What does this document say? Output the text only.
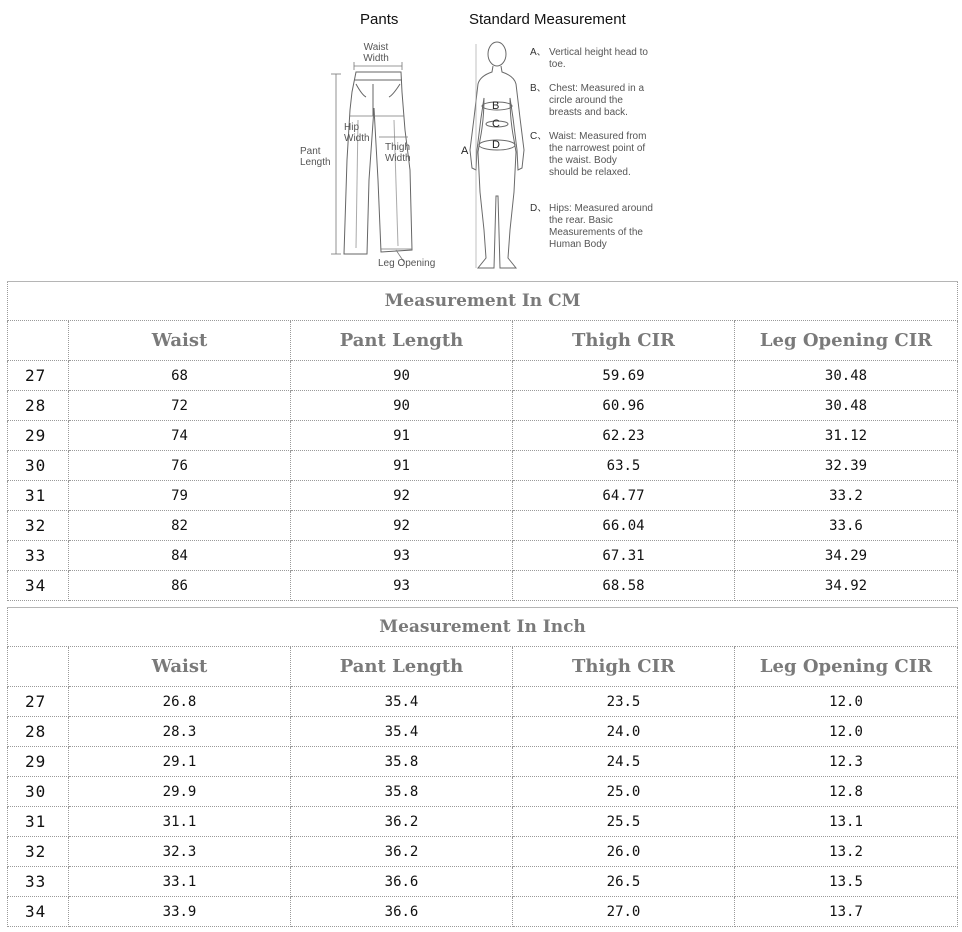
Pants	Standard Measurement
Waist
Width
Hip
Width
Thigh
Width
Pant
Length
Leg Opening
A
B
C
D
A、 Vertical height head to toe.
B、 Chest: Measured in a circle around the breasts and back.
C、 Waist: Measured from the narrowest point of the waist. Body should be relaxed.
D、 Hips: Measured around the rear. Basic Measurements of the Human Body
Measurement In CM				
	Waist	Pant Length	Thigh CIR	Leg Opening CIR
27	68	90	59.69	30.48
28	72	90	60.96	30.48
29	74	91	62.23	31.12
30	76	91	63.5	32.39
31	79	92	64.77	33.2
32	82	92	66.04	33.6
33	84	93	67.31	34.29
34	86	93	68.58	34.92
Measurement In Inch				
	Waist	Pant Length	Thigh CIR	Leg Opening CIR
27	26.8	35.4	23.5	12.0
28	28.3	35.4	24.0	12.0
29	29.1	35.8	24.5	12.3
30	29.9	35.8	25.0	12.8
31	31.1	36.2	25.5	13.1
32	32.3	36.2	26.0	13.2
33	33.1	36.6	26.5	13.5
34	33.9	36.6	27.0	13.7
